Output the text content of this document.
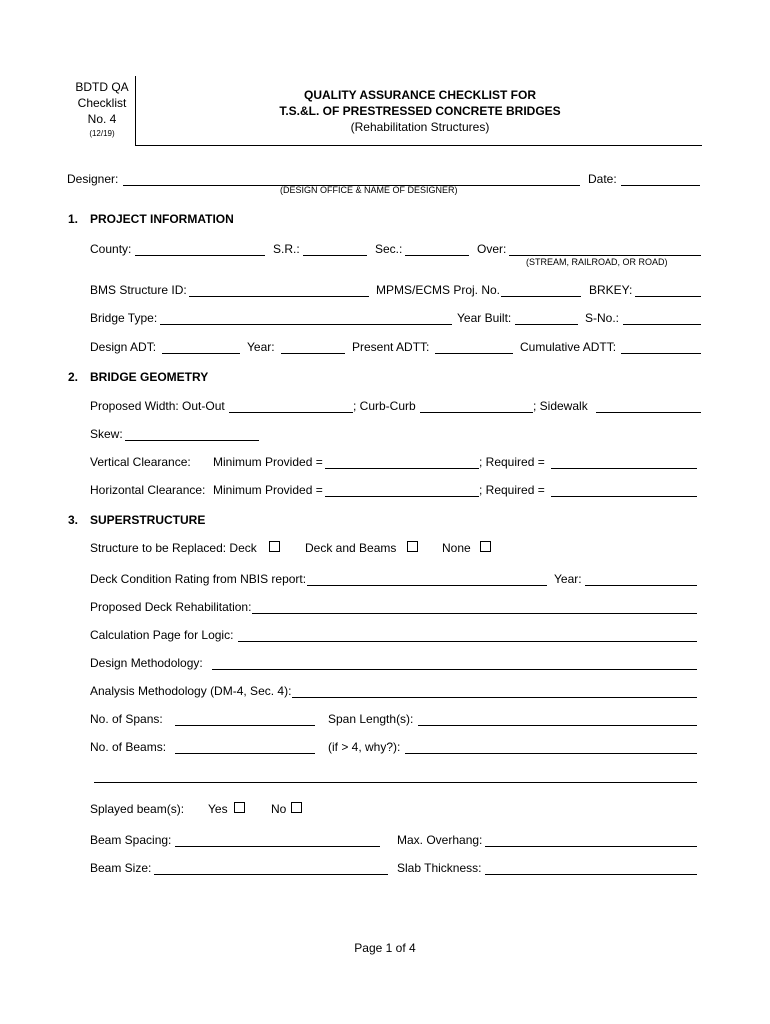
BDTD QA
Checklist
No. 4
(12/19)
QUALITY ASSURANCE CHECKLIST FOR
T.S.&L. OF PRESTRESSED CONCRETE BRIDGES
(Rehabilitation Structures)
Designer:
(DESIGN OFFICE & NAME OF DESIGNER)
Date:
1. PROJECT INFORMATION
County:	S.R.:	Sec.:	Over:
(STREAM, RAILROAD, OR ROAD)
BMS Structure ID:	MPMS/ECMS Proj. No.	BRKEY:
Bridge Type:	Year Built:	S-No.:
Design ADT:	Year:	Present ADTT:	Cumulative ADTT:
2. BRIDGE GEOMETRY
Proposed Width: Out-Out	; Curb-Curb	; Sidewalk
Skew:
Vertical Clearance: Minimum Provided =	; Required =
Horizontal Clearance: Minimum Provided =	; Required =
3. SUPERSTRUCTURE
Structure to be Replaced: Deck	Deck and Beams	None
Deck Condition Rating from NBIS report:	Year:
Proposed Deck Rehabilitation:
Calculation Page for Logic:
Design Methodology:
Analysis Methodology (DM-4, Sec. 4):
No. of Spans:	Span Length(s):
No. of Beams:	(if > 4, why?):
Splayed beam(s): Yes	No
Beam Spacing:	Max. Overhang:
Beam Size:	Slab Thickness:
Page 1 of 4
